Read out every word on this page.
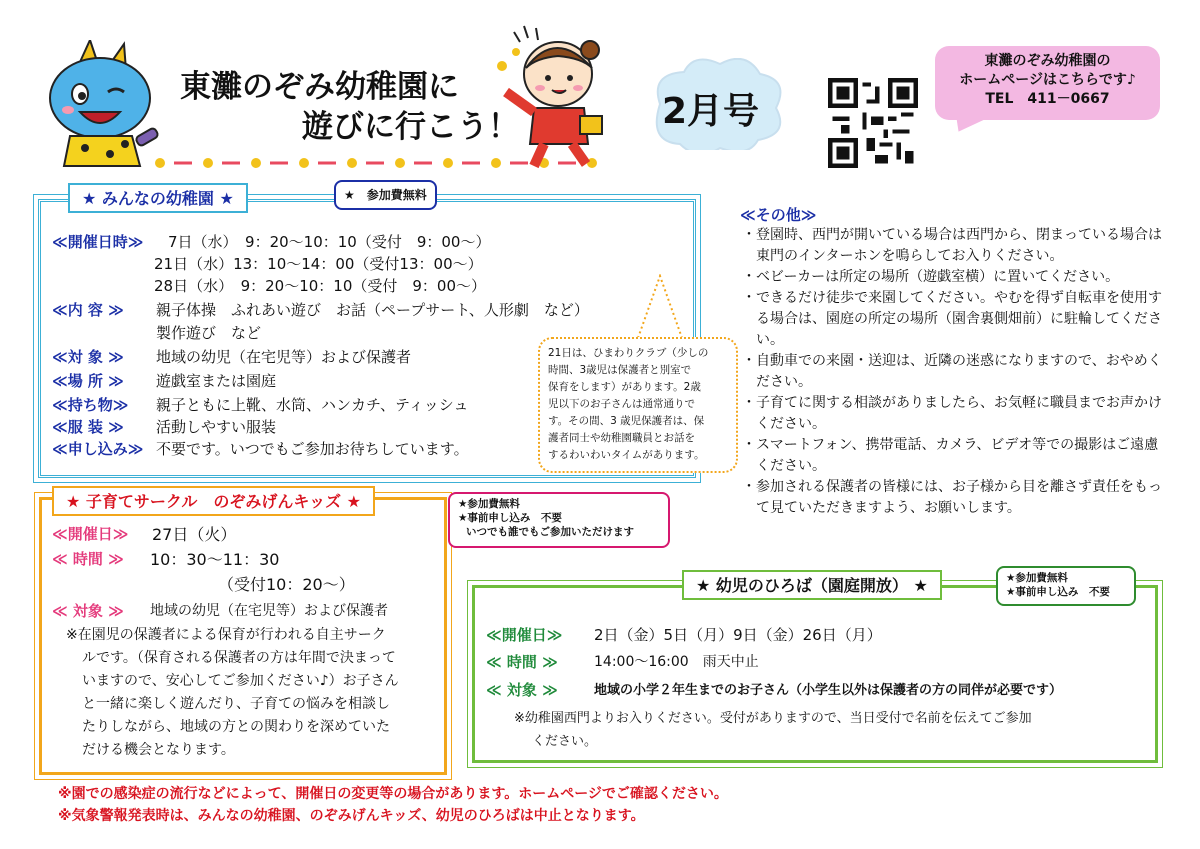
東灘のぞみ幼稚園に
遊びに行こう！	2月号
東灘のぞみ幼稚園の
ホームページはこちらです♪
TEL　411－0667
★ みんなの幼稚園 ★	★　参加費無料
≪開催日時≫ 7日（水）　9：20～10：10（受付　9：00～）
21日（水）13：10～14：00（受付13：00～）
28日（水）　9：20～10：10（受付　9：00～）
≪内 容 ≫ 親子体操　ふれあい遊び　お話（ペープサート、人形劇　など）
製作遊び　など
≪対 象 ≫ 地域の幼児（在宅児等）および保護者
≪場 所 ≫ 遊戯室または園庭
≪持ち物≫ 親子ともに上靴、水筒、ハンカチ、ティッシュ
≪服 装 ≫ 活動しやすい服装
≪申し込み≫ 不要です。いつでもご参加お待ちしています。
21日は、ひまわりクラブ（少しの
時間、3歳児は保護者と別室で
保育をします）があります。2歳
児以下のお子さんは通常通りで
す。その間、3 歳児保護者は、保
護者同士や幼稚園職員とお話を
するわいわいタイムがあります。
≪その他≫
・ 登園時、西門が開いている場合は西門から、閉まっている場合は東門のインターホンを鳴らしてお入りください。
・ ベビーカーは所定の場所（遊戯室横）に置いてください。
・ できるだけ徒歩で来園してください。やむを得ず自転車を使用する場合は、園庭の所定の場所（園舎裏側畑前）に駐輪してください。
・ 自動車での来園・送迎は、近隣の迷惑になりますので、おやめください。
・ 子育てに関する相談がありましたら、お気軽に職員までお声かけください。
・ スマートフォン、携帯電話、カメラ、ビデオ等での撮影はご遠慮ください。
・ 参加される保護者の皆様には、お子様から目を離さず責任をもって見ていただきますよう、お願いします。
★ 子育てサークル　のぞみげんキッズ ★	★参加費無料
★事前申し込み　不要
いつでも誰でもご参加いただけます
≪開催日≫ 27日（火）
≪ 時間 ≫ 10：30～11：30
（受付10：20～）
≪ 対象 ≫ 地域の幼児（在宅児等）および保護者
※在園児の保護者による保育が行われる自主サーク
ルです。（保育される保護者の方は年間で決まって
いますので、安心してご参加ください♪）お子さん
と一緒に楽しく遊んだり、子育ての悩みを相談し
たりしながら、地域の方との関わりを深めていた
だける機会となります。
★ 幼児のひろば（園庭開放） ★	★参加費無料
★事前申し込み　不要
≪開催日≫ 2日（金）5日（月）9日（金）26日（月）
≪ 時間 ≫	14:00～16:00　雨天中止
≪ 対象 ≫	地域の小学２年生までのお子さん（小学生以外は保護者の方の同伴が必要です）
※幼稚園西門よりお入りください。受付がありますので、当日受付で名前を伝えてご参加
ください。
※園での感染症の流行などによって、開催日の変更等の場合があります。ホームページでご確認ください。
※気象警報発表時は、みんなの幼稚園、のぞみげんキッズ、幼児のひろばは中止となります。
